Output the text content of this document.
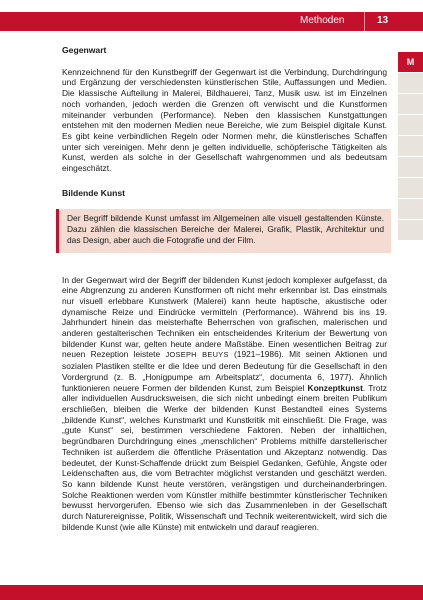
Methoden	13
M
Gegenwart

Kennzeichnend für den Kunstbegriff der Gegenwart ist die Verbindung, Durchdringung und Ergänzung der verschiedensten künstlerischen Stile, Auffassungen und Medien. Die klassische Aufteilung in Malerei, Bildhauerei, Tanz, Musik usw. ist im Einzelnen noch vorhanden, jedoch werden die Grenzen oft verwischt und die Kunstformen miteinander verbunden (Performance). Neben den klassischen Kunstgattungen entstehen mit den modernen Medien neue Bereiche, wie zum Beispiel digitale Kunst. Es gibt keine verbindlichen Regeln oder Normen mehr, die künstlerisches Schaffen unter sich vereinigen. Mehr denn je gelten individuelle, schöpferische Tätigkeiten als Kunst, werden als solche in der Gesellschaft wahrgenommen und als bedeutsam eingeschätzt.

Bildende Kunst
Der Begriff bildende Kunst umfasst im Allgemeinen alle visuell gestaltenden Künste. Dazu zählen die klassischen Bereiche der Malerei, Grafik, Plastik, Architektur und das Design, aber auch die Fotografie und der Film.

In der Gegenwart wird der Begriff der bildenden Kunst jedoch komplexer aufgefasst, da eine Abgrenzung zu anderen Kunstformen oft nicht mehr erkennbar ist. Das einstmals nur visuell erlebbare Kunstwerk (Malerei) kann heute haptische, akustische oder dynamische Reize und Eindrücke vermitteln (Performance). Während bis ins 19. Jahrhundert hinein das meisterhafte Beherrschen von grafischen, malerischen und anderen gestalterischen Techniken ein entscheidendes Kriterium der Bewertung von bildender Kunst war, gelten heute andere Maßstäbe. Einen wesentlichen Beitrag zur neuen Rezeption leistete JOSEPH BEUYS (1921–1986). Mit seinen Aktionen und sozialen Plastiken stellte er die Idee und deren Bedeutung für die Gesellschaft in den Vordergrund (z. B. „Honigpumpe am Arbeitsplatz“, documenta 6, 1977). Ähnlich funktionieren neuere Formen der bildenden Kunst, zum Beispiel Konzeptkunst. Trotz aller individuellen Ausdrucksweisen, die sich nicht unbedingt einem breiten Publikum erschließen, bleiben die Werke der bildenden Kunst Bestandteil eines Systems „bildende Kunst“, welches Kunstmarkt und Kunstkritik mit einschließt. Die Frage, was „gute Kunst“ sei, bestimmen verschiedene Faktoren. Neben der inhaltlichen, begründbaren Durchdringung eines „menschlichen“ Problems mithilfe darstellerischer Techniken ist außerdem die öffentliche Präsentation und Akzeptanz notwendig. Das bedeutet, der Kunst-Schaffende drückt zum Beispiel Gedanken, Gefühle, Ängste oder Leidenschaften aus, die vom Betrachter möglichst verstanden und geschätzt werden. So kann bildende Kunst heute verstören, verängstigen und durcheinanderbringen. Solche Reaktionen werden vom Künstler mithilfe bestimmter künstlerischer Techniken bewusst hervorgerufen. Ebenso wie sich das Zusammenleben in der Gesellschaft durch Naturereignisse, Politik, Wissenschaft und Technik weiterentwickelt, wird sich die bildende Kunst (wie alle Künste) mit entwickeln und darauf reagieren.
